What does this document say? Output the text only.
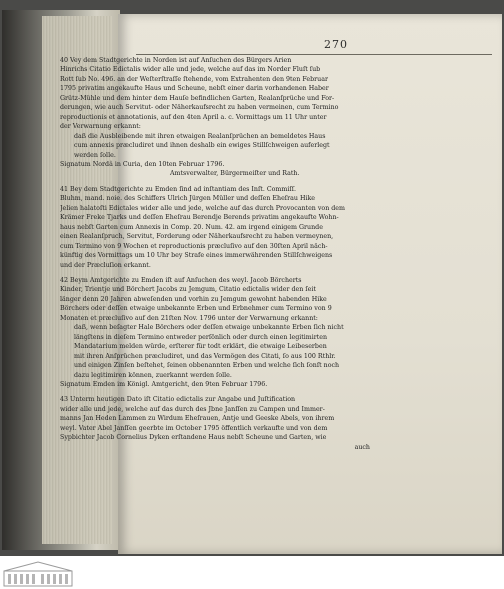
270
40 Vey dem Stadtgerichte in Norden ist auf Anſuchen des Bürgers Arien
Hinrichs Citatio Edictalis wider alle und jede, welche auf das im Norder Fluſt ſub
Rott ſub No. 496. an der Weſterſtraſſe ſtehende, vom Extrahenten den 9ten Februar
1795 privatim angekaufte Haus und Scheune, nebſt einer darin vorhandenen Haber
Grütz-Mühle und dem hinter dem Hauſe befindlichen Garten, Realanſprüche und For-
derungen, wie auch Servitut- oder Näherkaufsrecht zu haben vermeinen, cum Termino
reproductionis et annotationis, auf den 4ten April a. c. Vormittags um 11 Uhr unter
der Verwarnung erkannt:
daß die Ausbleibende mit ihren etwaigen Realanſprüchen an bemeldetes Haus
cum annexis præcludiret und ihnen deshalb ein ewiges Stillſchweigen auferlegt
werden ſolle.
Signatum Nordâ in Curia, den 10ten Februar 1796.
Amtsverwalter, Bürgermeiſter und Rath.
41 Bey dem Stadtgerichte zu Emden ſind ad inſtantiam des Inſt. Commiſſ.
Bluhm, mand. noie. des Schiffers Ulrich Jürgen Müller und deſſen Eheſrau Hike
Jelien halatoſti Edictales wider alle und jede, welche auf das durch Provocanten von dem
Krämer Freke Tjarks und deſſen Eheſrau Berendje Berends privatim angekaufte Wohn-
haus nebſt Garten cum Annexis in Comp. 20. Num. 42. am irgend einigem Grunde
einen Realanſpruch, Servitut, Forderung oder Näherkaufsrecht zu haben vermeynen,
cum Termino von 9 Wochen et reproductionis præcluſivo auf den 30ſten April näch-
künftig des Vormittags um 10 Uhr bey Strafe eines immerwährenden Stillſchweigens
und der Præcluſion erkannt.
42 Beym Amtgerichte zu Emden iſt auf Anſuchen des weyl. Jacob Börcherts
Kinder, Trientje und Börchert Jacobs zu Jemgum, Citatio edictalis wider den ſeit
länger denn 20 Jahren abweſenden und vorhin zu Jemgum gewohnt habenden Hike
Börchers oder deſſen etwaige unbekannte Erben und Erbnehmer cum Termino von 9
Monaten et præcluſivo auf den 21ſten Nov. 1796 unter der Verwarnung erkannt:
daß, wenn beſagter Hale Börchers oder deſſen etwaige unbekannte Erben ſich nicht
längſtens in dieſem Termino entweder perſönlich oder durch einen legitimirten
Mandatarium melden würde, erſterer für todt erklärt, die etwaige Leibeserben
mit ihren Anſprüchen præcludiret, und das Vermögen des Citati, ſo aus 100 Rthlr.
und einigen Zinſen beſtehet, ſeinen obbenannten Erben und welche ſich ſonſt noch
dazu legitimiren können, zuerkannt werden ſolle.
Signatum Emden im Königl. Amtgericht, den 9ten Februar 1796.
43 Unterm heutigen Dato iſt Citatio edictalis zur Angabe und Juſtification
wider alle und jede, welche auf das durch des Jbne Janſſen zu Campen und Immer-
manns Jan Heden Lammen zu Wirdum Eheſrauen, Antje und Geeske Abels, von ihrem
weyl. Vater Abel Janſſen geerbte im October 1795 öffentlich verkaufte und von dem
Sypbichter Jacob Cornelius Dyken erſtandene Haus nebſt Scheune und Garten, wie
auch
